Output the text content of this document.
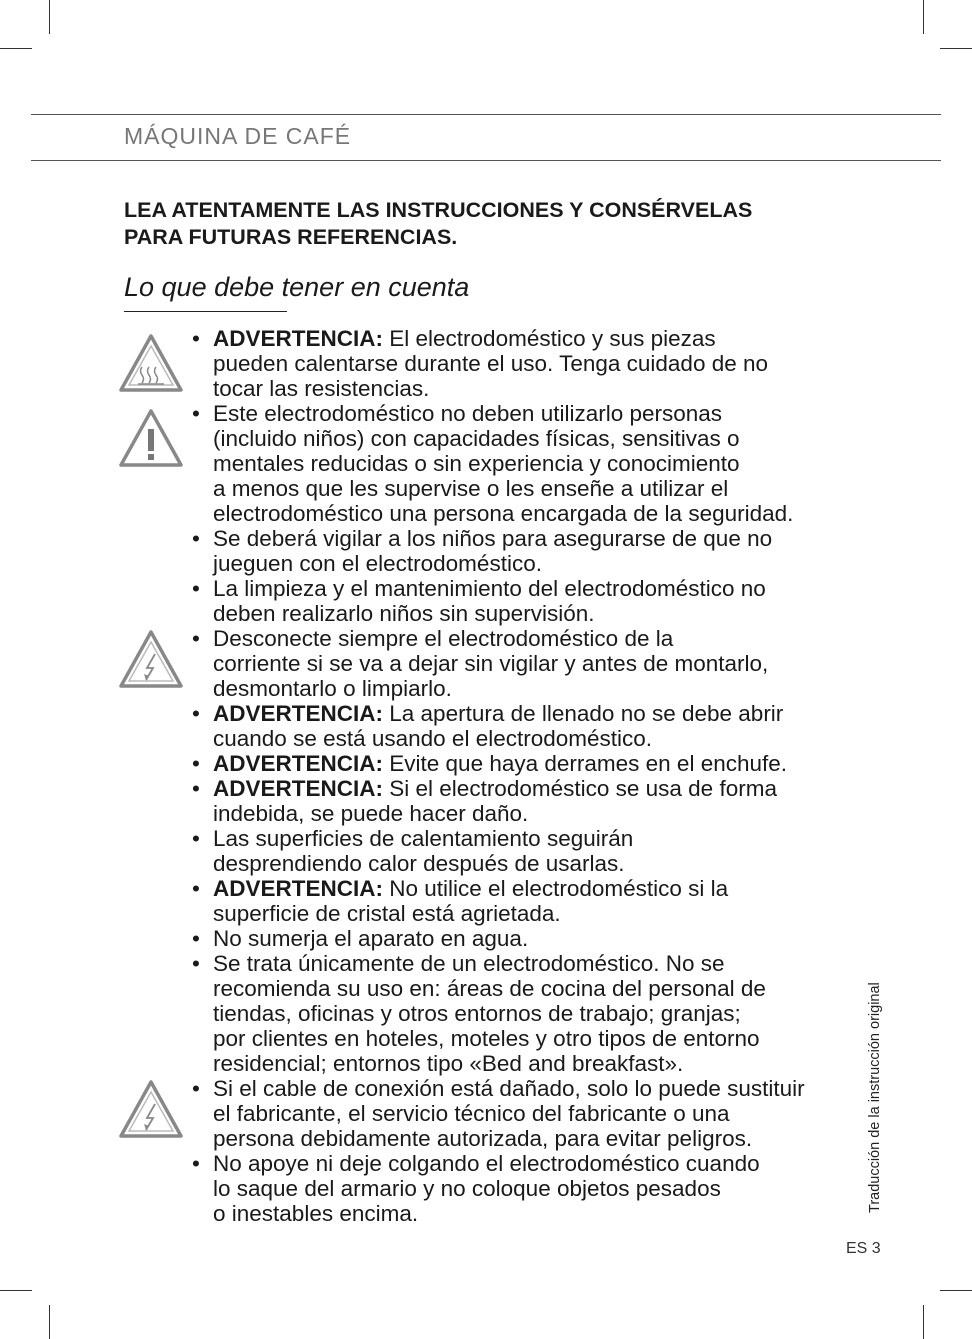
MÁQUINA DE CAFÉ
LEA ATENTAMENTE LAS INSTRUCCIONES Y CONSÉRVELAS
PARA FUTURAS REFERENCIAS.
Lo que debe tener en cuenta
• ADVERTENCIA: El electrodoméstico y sus piezas
pueden calentarse durante el uso. Tenga cuidado de no
tocar las resistencias.
• Este electrodoméstico no deben utilizarlo personas
(incluido niños) con capacidades físicas, sensitivas o
mentales reducidas o sin experiencia y conocimiento
a menos que les supervise o les enseñe a utilizar el
electrodoméstico una persona encargada de la seguridad.
• Se deberá vigilar a los niños para asegurarse de que no
jueguen con el electrodoméstico.
• La limpieza y el mantenimiento del electrodoméstico no
deben realizarlo niños sin supervisión.
• Desconecte siempre el electrodoméstico de la
corriente si se va a dejar sin vigilar y antes de montarlo,
desmontarlo o limpiarlo.
• ADVERTENCIA: La apertura de llenado no se debe abrir
cuando se está usando el electrodoméstico.
• ADVERTENCIA: Evite que haya derrames en el enchufe.
• ADVERTENCIA: Si el electrodoméstico se usa de forma
indebida, se puede hacer daño.
• Las superficies de calentamiento seguirán
desprendiendo calor después de usarlas.
• ADVERTENCIA: No utilice el electrodoméstico si la
superficie de cristal está agrietada.
• No sumerja el aparato en agua.
• Se trata únicamente de un electrodoméstico. No se
recomienda su uso en: áreas de cocina del personal de
tiendas, oficinas y otros entornos de trabajo; granjas;
por clientes en hoteles, moteles y otro tipos de entorno
residencial; entornos tipo «Bed and breakfast».
• Si el cable de conexión está dañado, solo lo puede sustituir
el fabricante, el servicio técnico del fabricante o una
persona debidamente autorizada, para evitar peligros.
• No apoye ni deje colgando el electrodoméstico cuando
lo saque del armario y no coloque objetos pesados
o inestables encima.
Traducción de la instrucción original
ES 3
